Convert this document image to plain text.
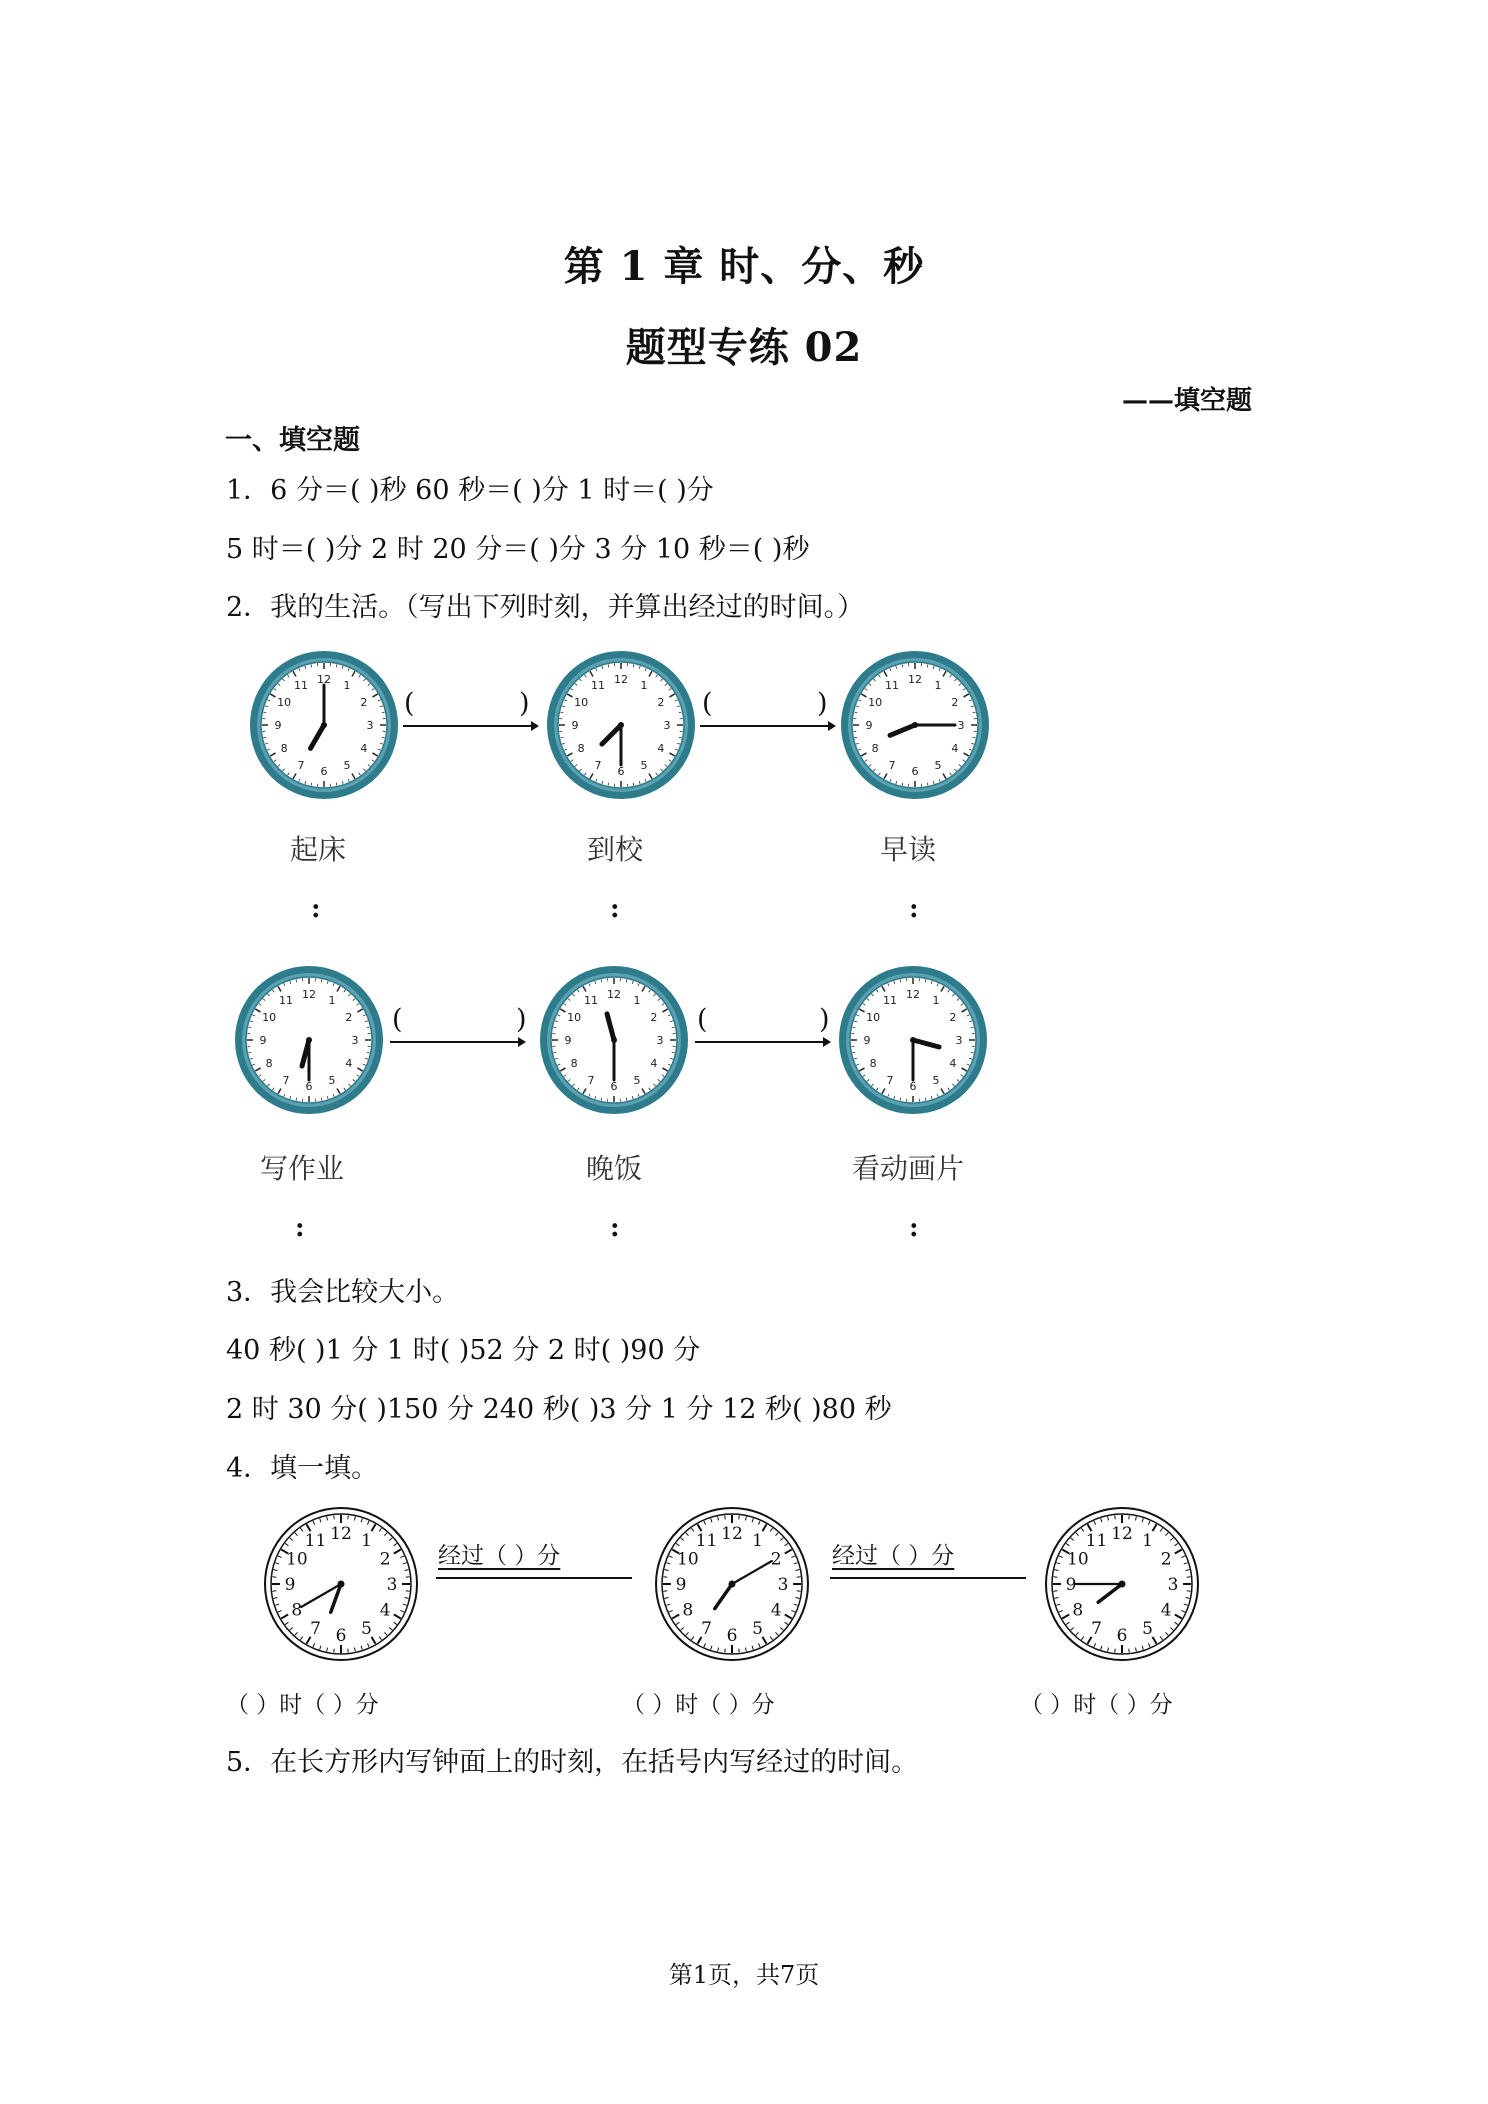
第 1 章 时、分、秒
题型专练 02
——填空题
一、填空题
1．6 分＝( )秒 60 秒＝( )分 1 时＝( )分
5 时＝( )分 2 时 20 分＝( )分 3 分 10 秒＝( )秒
2．我的生活。（写出下列时刻，并算出经过的时间。）
1
2
3
4
5
6
7
8
9
10
11 12	1
2
3
4
5
6
7
8
9
10
11 12	1
2
3
4
5
6
7
8
9
10
11 12
(	)	(	)
起床	到校	早读
:	:	:
1
2
3
4
5
6
7
8
9
10
11 12	1
2
3
4
5
6
7
8
9
10
11 12	1
2
3
4
5
6
7
8
9
10
11 12
(	)	(	)
写作业	晚饭	看动画片
:	:	:
3．我会比较大小。
40 秒( )1 分 1 时( )52 分 2 时( )90 分
2 时 30 分( )150 分 240 秒( )3 分 1 分 12 秒( )80 秒
4．填一填。
1
2
3
4
5
6
7
8
9
10
11 12	1
2
3
4
5
6
7
8
9
10
11 12	1
2
3
4
5
6
7
8
9
10
11 12
经过（ ）分	经过（ ）分
（ ）时（ ）分	（ ）时（ ）分	（ ）时（ ）分
5．在长方形内写钟面上的时刻，在括号内写经过的时间。
第1页，共7页
